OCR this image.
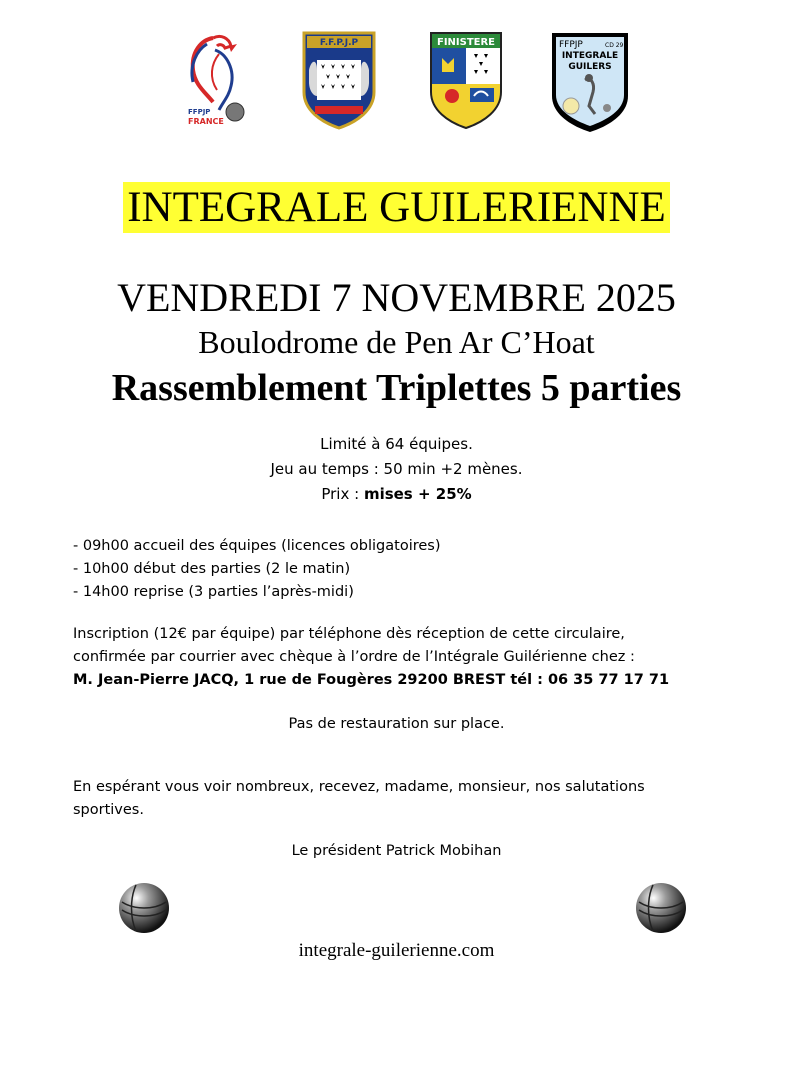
FFPJP
FRANCE
F.F.P.J.P	FINISTERE	FFPJP	CD 29
INTEGRALE
GUILERS
INTEGRALE GUILERIENNE
VENDREDI 7 NOVEMBRE 2025
Boulodrome de Pen Ar C’Hoat
Rassemblement Triplettes 5 parties
Limité à 64 équipes.
Jeu au temps : 50 min +2 mènes.
Prix : mises + 25%
- 09h00 accueil des équipes (licences obligatoires)
- 10h00 début des parties (2 le matin)
- 14h00 reprise (3 parties l’après-midi)
Inscription (12€ par équipe) par téléphone dès réception de cette circulaire,
confirmée par courrier avec chèque à l’ordre de l’Intégrale Guilérienne chez :
M. Jean-Pierre JACQ, 1 rue de Fougères 29200 BREST tél : 06 35 77 17 71
Pas de restauration sur place.
En espérant vous voir nombreux, recevez, madame, monsieur, nos salutations sportives.
Le président Patrick Mobihan
integrale-guilerienne.com
